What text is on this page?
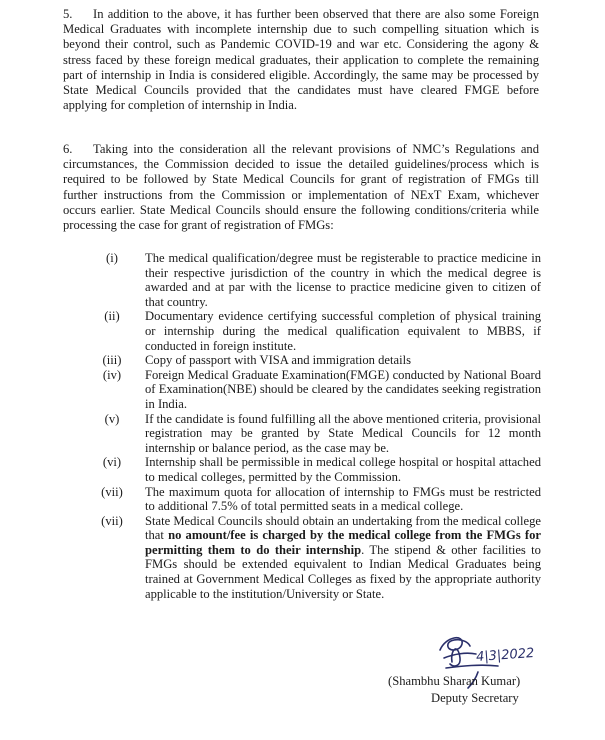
5. In addition to the above, it has further been observed that there are also some Foreign Medical Graduates with incomplete internship due to such compelling situation which is beyond their control, such as Pandemic COVID-19 and war etc. Considering the agony & stress faced by these foreign medical graduates, their application to complete the remaining part of internship in India is considered eligible. Accordingly, the same may be processed by State Medical Councils provided that the candidates must have cleared FMGE before applying for completion of internship in India.

6. Taking into the consideration all the relevant provisions of NMC’s Regulations and circumstances, the Commission decided to issue the detailed guidelines/process which is required to be followed by State Medical Councils for grant of registration of FMGs till further instructions from the Commission or implementation of NExT Exam, whichever occurs earlier. State Medical Councils should ensure the following conditions/criteria while processing the case for grant of registration of FMGs:

(i)	The medical qualification/degree must be registerable to practice medicine in their respective jurisdiction of the country in which the medical degree is awarded and at par with the license to practice medicine given to citizen of that country.
(ii)	Documentary evidence certifying successful completion of physical training or internship during the medical qualification equivalent to MBBS, if conducted in foreign institute.
(iii)	Copy of passport with VISA and immigration details
(iv)	Foreign Medical Graduate Examination(FMGE) conducted by National Board of Examination(NBE) should be cleared by the candidates seeking registration in India.
(v)	If the candidate is found fulfilling all the above mentioned criteria, provisional registration may be granted by State Medical Councils for 12 month internship or balance period, as the case may be.
(vi)	Internship shall be permissible in medical college hospital or hospital attached to medical colleges, permitted by the Commission.
(vii)	The maximum quota for allocation of internship to FMGs must be restricted to additional 7.5% of total permitted seats in a medical college.
(vii)	State Medical Councils should obtain an undertaking from the medical college that no amount/fee is charged by the medical college from the FMGs for permitting them to do their internship. The stipend & other facilities to FMGs should be extended equivalent to Indian Medical Graduates being trained at Government Medical Colleges as fixed by the appropriate authority applicable to the institution/University or State.
4|3|2022
(Shambhu Sharan Kumar)
Deputy Secretary
